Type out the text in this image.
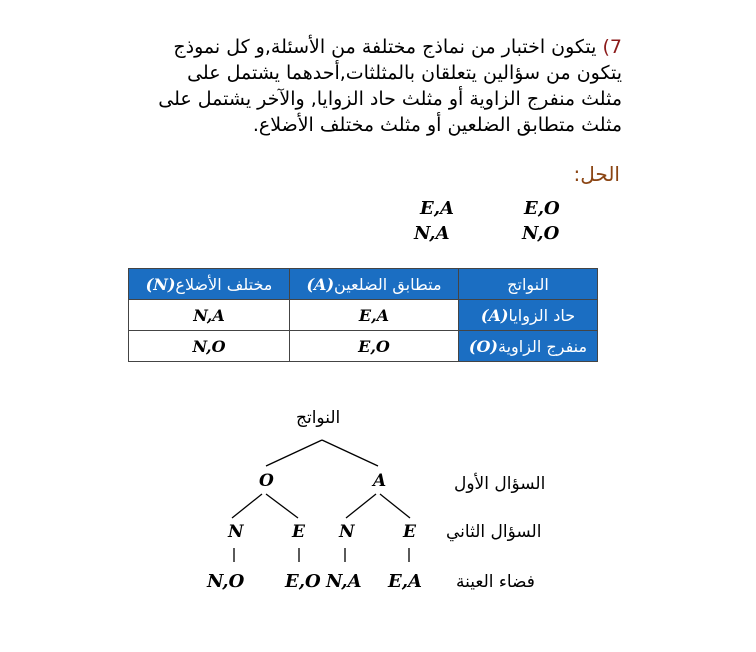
7) يتكون اختبار من نماذج مختلفة من الأسئلة,و كل نموذج يتكون من سؤالين يتعلقان بالمثلثات,أحدهما يشتمل على مثلث منفرج الزاوية أو مثلث حاد الزوايا, والآخر يشتمل على مثلث متطابق الضلعين أو مثلث مختلف الأضلاع.
الحل:
E,A	E,O
N,A	N,O
النواتج	متطابق الضلعين(A)	مختلف الأضلاع(N)
حاد الزوايا(A)	E,A	N,A
منفرج الزاوية(O)	E,O	N,O
النواتج
السؤال الأول
السؤال الثاني
فضاء العينة
O	A
N	E N	E
N,O E,O N,A E,A
